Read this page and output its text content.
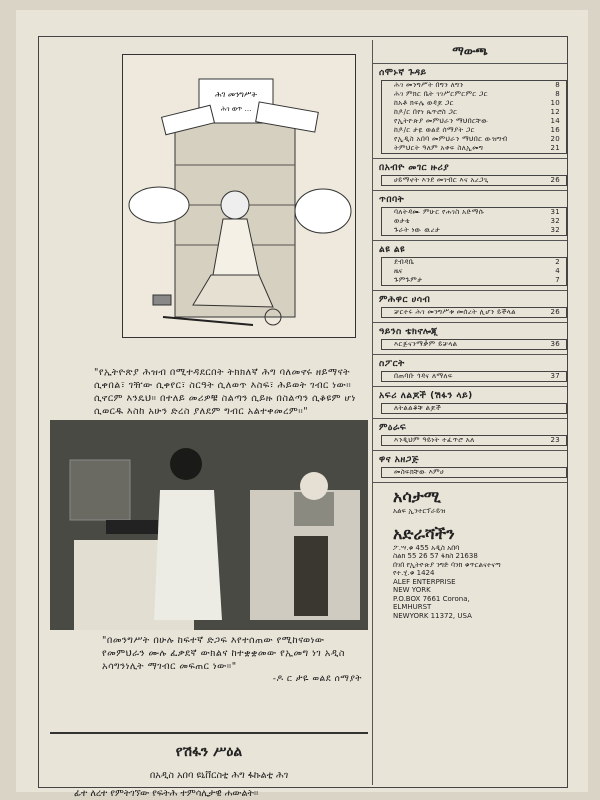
ሕገ መንግሥት
ሕገ ወጥ ...
"የኢትዮጵያ ሕዝብ በሚተዳደርበት ትክክለኛ ሕግ ባለመኖሩ ዘይማናት ሲቀበል፣ ገዥው ሲቀየር፣ ስርዓት ሲለወጥ እስፍ፣ ሕይወት ገብር ነው። ሲኖርም እንዴህ። በተለይ መሪዎቹ ስልጣን ሲይዙ በስልጣን ሲቆዩም ሆነ ሲወርዱ እስከ አሁን ድረስ ያለደም ግብር አልተቀመረም።"
"በመንግሥት በሁሉ ከፍተኛ ድጋፍ እየተሰጠው የሚከናወነው የመምህራን ሙሉ ፈቃደኛ ውክልና ከተቋቋመው የኢመግ ነገ አዲስ አሳግንነሊት ማገብር መፍጠር ነው።"
-ዶ ር ታዬ ወልደ ሰማያት
የሽፋን ሥዕል
በአዲስ አበባ ዩኒቨርስቲ ሕግ ፋኩልቲ ሕገ
ፊተ ለረተ የምትገኘው የፍትሕ ተምሳሊታዊ ሐውልት።
ማውጫ
ሰሞኑኛ ጉዳይ
ሕገ መንግሥት በግን ለግን	8
ሕገ ምክር ቤት ገገሥርምርምር ጋር	8
ከአቶ ክፍሌ ወዳጆ ጋር	10
ከዶ/ር በየነ ጴጥሮስ ጋር	12
የኢትዮጵያ መምህራን ማህበርቸው	14
ከዶ/ር ታዬ ወልደ ሰማያት ጋር	16
የኢዲስ አበባ መምህራን ማህበር ውዝግብ	20
ትምህርት ዓለም አቀፍ ስለኢመግ	21
በአብዮ መገር ዙሪያ
ሀይማኖት እንደ መገብር እና አረጋጊ	26
ጥበባት
ባለትዳሙ ምሁር የሐገስ አድማሱ	31
ወታቴ	32
ጉራት ነው ዉረታ	32
ልዩ ልዩ
ደብዳቤ	2
ዜና	4
ጉምጉምታ	7
ምሕዋር ሀሳብ
ቻርተሩ ሕገ መንግሥቱ መሰረት ሊሆን ይችላል	26
ዓይንስ ቴክኖሎጂ
እርጅናንማቃም ይቻላል	36
ስፖርት
በጠባቡ ጎዳና ለማለፍ	37
አፍሪ ለልጆች (ሽፋን ላይ)
ለትልልቆቹ ልጆች
ምዕራፍ
እንዲህም ዓይነት ተፈጥሮ አለ	23
ዋና አዘጋጅ
መስፍክቸው እምሀ
አሳታሚ
አልፍ ኢንተርፕራይዝ
አድራሻችን
ፖ.ሣ.ቁ 455 አዲስ አበባ
ስልክ 55 26 57 ፋክስ 21638
በገበ የኢትዮጵያ ንግድ ባንክ ቁጥርልናተናጣ
የተ.ሂ.ቁ 1424
ALEF ENTERPRISE
NEW YORK
P.O.BOX 7661 Corona,
ELMHURST
NEWYORK 11372, USA
